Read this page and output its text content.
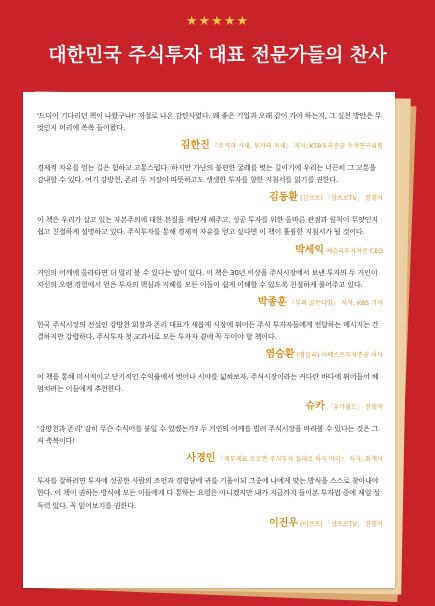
★★★★★
대한민국 주식투자 대표 전문가들의 찬사

'드디어 기다리던 책이 나왔구나!' 저절로 나온 감탄사였다. 왜 좋은 기업과 오래 같이 가야 하는지, 그 실천 방안은 무엇인지 머리에 쏙쏙 들어왔다.

김한진 『주식의 시대, 투자의 자세』 저자, KTB투자증권 수석연구위원

경제적 자유를 얻는 길은 험하고 고통스럽다. 하지만 가난의 불편한 굴레를 벗는 길이기에 우리는 너끈히 그 고통을 감내할 수 있다. 여기 강방천, 존리 두 거장이 따뜻하고도 생생한 투자를 향한 지침서를 읽기를 권한다.

김동환 (김프로) 「삼프로TV」 진행자

이 책은 우리가 살고 있는 자본주의에 대한 본질을 깨닫게 해주고, 성공 투자를 위한 올바른 관점과 원칙이 무엇인지 쉽고 친절하게 설명하고 있다. 주식투자를 통해 경제적 자유를 얻고 싶다면 이 책이 훌륭한 지침서가 될 것이다.

박세익 체슬리투자자문 CEO

거인의 어깨에 올라타면 더 멀리 볼 수 있다는 말이 있다. 이 책은 30년 이상을 주식시장에서 보낸 투자의 두 거인이 자신의 오랜 경험에서 얻은 투자의 핵심과 지혜를 모든 이들이 쉽게 이해할 수 있도록 친절하게 풀어주고 있다.

박종훈 『부의 골든타임』 저자, KBS 기자

한국 주식시장의 전설인 강방천 회장과 존리 대표가 새롭게 시장에 뛰어든 주식 투자자들에게 전달하는 메시지는 간결하지만 강렬하다. 주식투자 첫 교과서로 모든 투자자 곁에 꼭 두어야 할 책이다.

염승환 (염블리) 이베스트투자증권 이사

이 책을 통해 미시적이고 단기적인 수익률에서 벗어나 시야를 넓혀보자. 주식시장이라는 커다란 바다에 뛰어들어 헤엄치려는 이들에게 추천한다.

슈카 「슈카월드」 진행자

'강방천과 존리' 감히 무슨 수식어를 붙일 수 있겠는가? 두 거인의 어깨를 빌려 주식시장을 바라볼 수 있다는 것은 그저 축복이다!

사경인 『재무제표 모르면 주식투자 절대로 하지 마라』 저자, 회계사

투자를 잘하려면 투자에 성공한 사람의 조언과 경험담에 귀를 기울이되 그중에 나에게 맞는 방식을 스스로 찾아내야 한다. 이 책이 권하는 방식에 모든 이들에게 다 통하는 요령은 아니겠지만 내가 지금까지 들어본 투자법 중에 제일 설득력 있다. 꼭 읽어보기를 권한다.

이진우 (이프로) 「삼프로TV」 진행자
